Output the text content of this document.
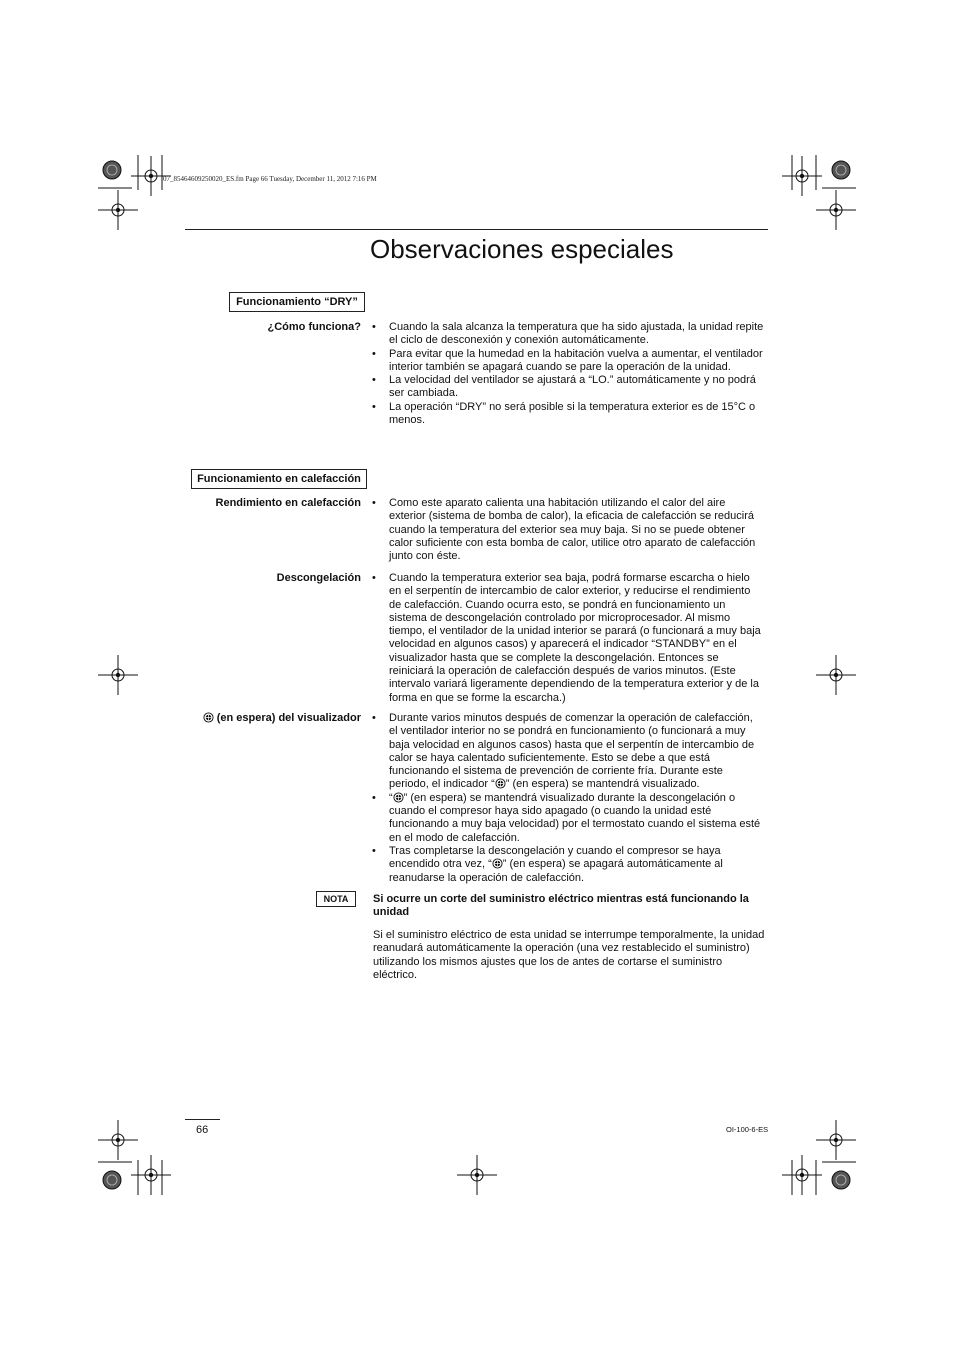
07_85464609250020_ES.fm Page 66 Tuesday, December 11, 2012 7:16 PM
Observaciones especiales
Funcionamiento “DRY”
¿Cómo funciona?	• Cuando la sala alcanza la temperatura que ha sido ajustada, la unidad repite el ciclo de desconexión y conexión automáticamente.
• Para evitar que la humedad en la habitación vuelva a aumentar, el ventilador interior también se apagará cuando se pare la operación de la unidad.
• La velocidad del ventilador se ajustará a “LO.” automáticamente y no podrá ser cambiada.
• La operación “DRY” no será posible si la temperatura exterior es de 15°C o menos.
Funcionamiento en calefacción
Rendimiento en calefacción	• Como este aparato calienta una habitación utilizando el calor del aire exterior (sistema de bomba de calor), la eficacia de calefacción se reducirá cuando la temperatura del exterior sea muy baja. Si no se puede obtener calor suficiente con esta bomba de calor, utilice otro aparato de calefacción junto con éste.
Descongelación	• Cuando la temperatura exterior sea baja, podrá formarse escarcha o hielo en el serpentín de intercambio de calor exterior, y reducirse el rendimiento de calefacción. Cuando ocurra esto, se pondrá en funcionamiento un sistema de descongelación controlado por microprocesador. Al mismo tiempo, el ventilador de la unidad interior se parará (o funcionará a muy baja velocidad en algunos casos) y aparecerá el indicador “STANDBY” en el visualizador hasta que se complete la descongelación. Entonces se reiniciará la operación de calefacción después de varios minutos. (Este intervalo variará ligeramente dependiendo de la temperatura exterior y de la forma en que se forme la escarcha.)
(en espera) del visualizador	• Durante varios minutos después de comenzar la operación de calefacción, el ventilador interior no se pondrá en funcionamiento (o funcionará a muy baja velocidad en algunos casos) hasta que el serpentín de intercambio de calor se haya calentado suficientemente. Esto se debe a que está funcionando el sistema de prevención de corriente fría. Durante este periodo, el indicador “ ” (en espera) se mantendrá visualizado.
• “ ” (en espera) se mantendrá visualizado durante la descongelación o cuando el compresor haya sido apagado (o cuando la unidad esté funcionando a muy baja velocidad) por el termostato cuando el sistema esté en el modo de calefacción.
• Tras completarse la descongelación y cuando el compresor se haya encendido otra vez, “ ” (en espera) se apagará automáticamente al reanudarse la operación de calefacción.
NOTA	Si ocurre un corte del suministro eléctrico mientras está funcionando la unidad

Si el suministro eléctrico de esta unidad se interrumpe temporalmente, la unidad reanudará automáticamente la operación (una vez restablecido el suministro) utilizando los mismos ajustes que los de antes de cortarse el suministro eléctrico.

66	OI-100-6-ES
